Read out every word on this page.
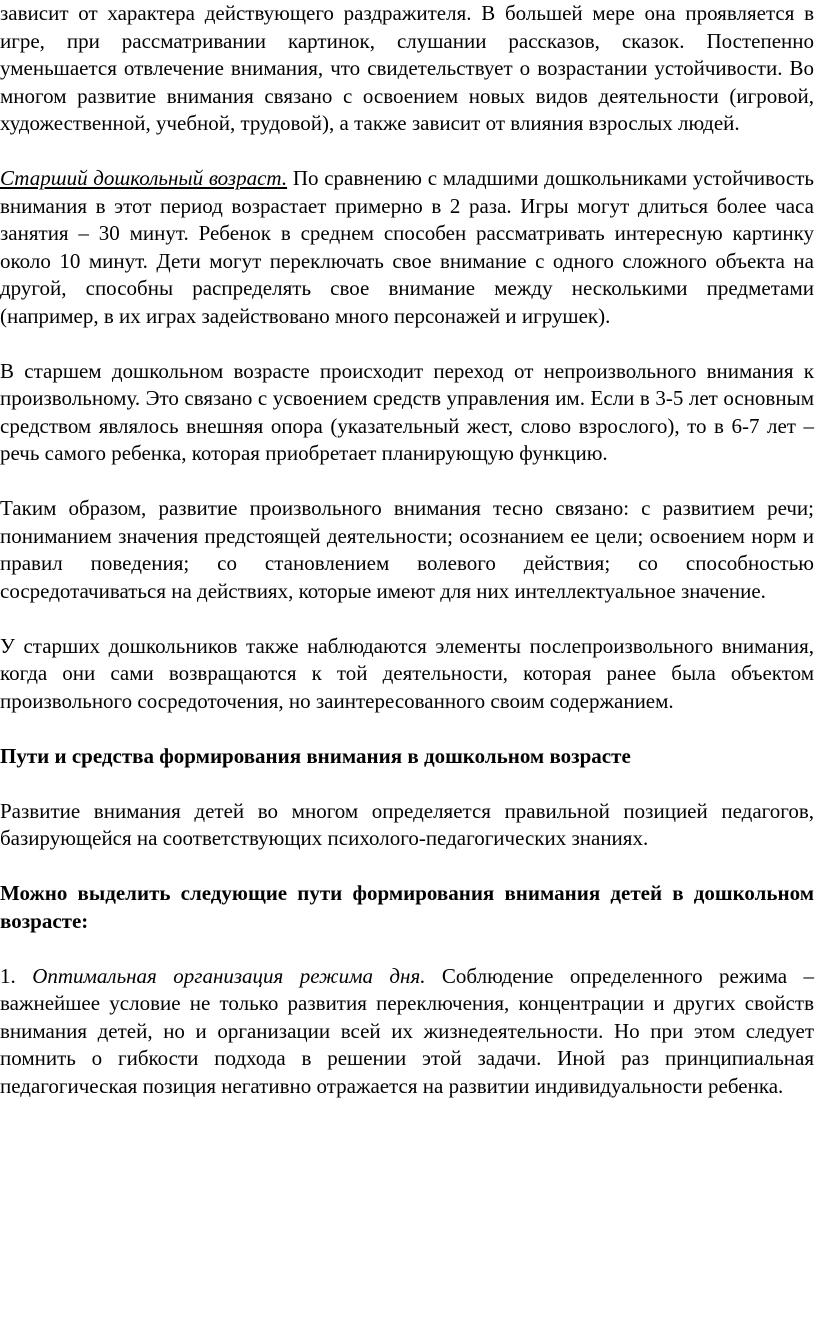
зависит от характера действующего раздражителя. В большей мере она проявляется в игре, при рассматривании картинок, слушании рассказов, сказок. Постепенно уменьшается отвлечение внимания, что свидетельствует о возрастании устойчивости. Во многом развитие внимания связано с освоением новых видов деятельности (игровой, художественной, учебной, трудовой), а также зависит от влияния взрослых людей.

Старший дошкольный возраст. По сравнению с младшими дошкольниками устойчивость внимания в этот период возрастает примерно в 2 раза. Игры могут длиться более часа занятия – 30 минут. Ребенок в среднем способен рассматривать интересную картинку около 10 минут. Дети могут переключать свое внимание с одного сложного объекта на другой, способны распределять свое внимание между несколькими предметами (например, в их играх задействовано много персонажей и игрушек).

В старшем дошкольном возрасте происходит переход от непроизвольного внимания к произвольному. Это связано с усвоением средств управления им. Если в 3-5 лет основным средством являлось внешняя опора (указательный жест, слово взрослого), то в 6-7 лет – речь самого ребенка, которая приобретает планирующую функцию.

Таким образом, развитие произвольного внимания тесно связано: с развитием речи; пониманием значения предстоящей деятельности; осознанием ее цели; освоением норм и правил поведения; со становлением волевого действия; со способностью сосредотачиваться на действиях, которые имеют для них интеллектуальное значение.

У старших дошкольников также наблюдаются элементы послепроизвольного внимания, когда они сами возвращаются к той деятельности, которая ранее была объектом произвольного сосредоточения, но заинтересованного своим содержанием.

Пути и средства формирования внимания в дошкольном возрасте

Развитие внимания детей во многом определяется правильной позицией педагогов, базирующейся на соответствующих психолого-педагогических знаниях.

Можно выделить следующие пути формирования внимания детей в дошкольном возрасте:

1. Оптимальная организация режима дня. Соблюдение определенного режима – важнейшее условие не только развития переключения, концентрации и других свойств внимания детей, но и организации всей их жизнедеятельности. Но при этом следует помнить о гибкости подхода в решении этой задачи. Иной раз принципиальная педагогическая позиция негативно отражается на развитии индивидуальности ребенка.
